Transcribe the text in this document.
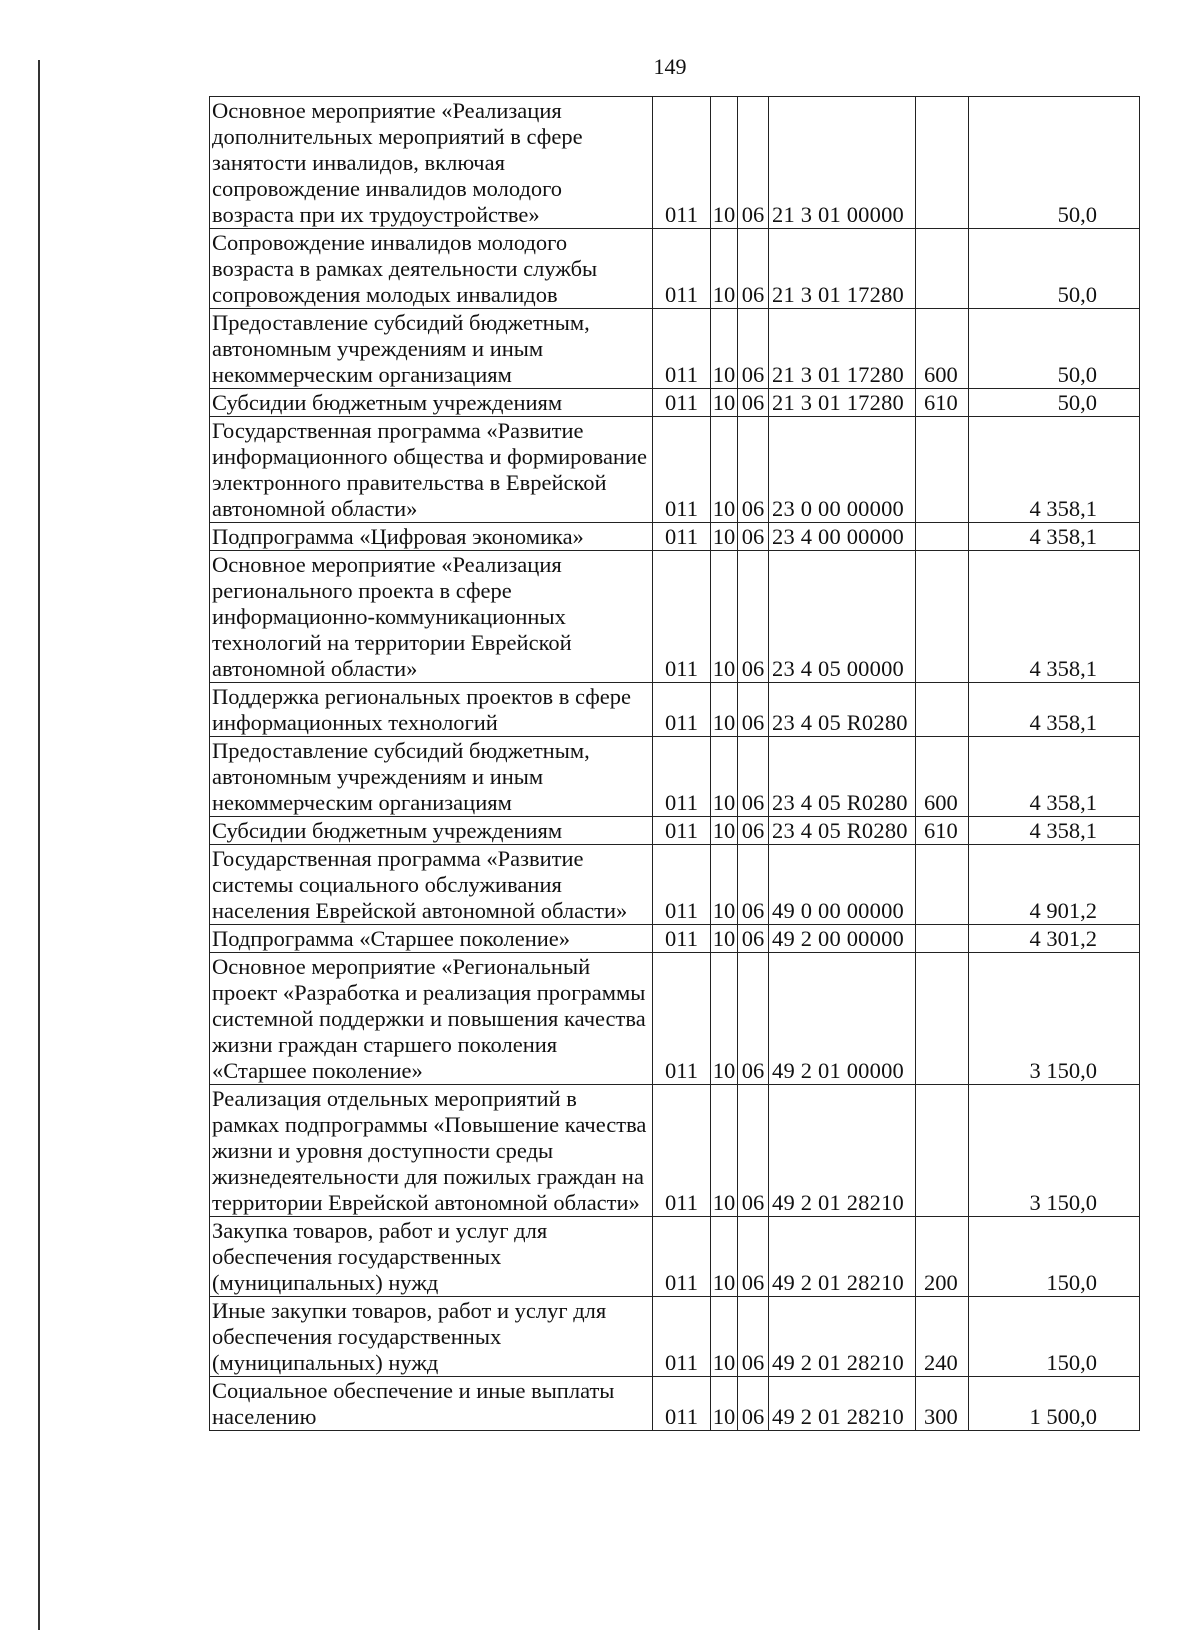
149
Основное мероприятие «Реализация дополнительных мероприятий в сфере занятости инвалидов, включая сопровождение инвалидов молодого возраста при их трудоустройстве»	011	10	06	21 3 01 00000		50,0
Сопровождение инвалидов молодого возраста в рамках деятельности службы сопровождения молодых инвалидов	011	10	06	21 3 01 17280		50,0
Предоставление субсидий бюджетным, автономным учреждениям и иным некоммерческим организациям	011	10	06	21 3 01 17280	600	50,0
Субсидии бюджетным учреждениям	011	10	06	21 3 01 17280	610	50,0
Государственная программа «Развитие информационного общества и формирование электронного правительства в Еврейской автономной области»	011	10	06	23 0 00 00000		4 358,1
Подпрограмма «Цифровая экономика»	011	10	06	23 4 00 00000		4 358,1
Основное мероприятие «Реализация регионального проекта в сфере информационно-коммуникационных технологий на территории Еврейской автономной области»	011	10	06	23 4 05 00000		4 358,1
Поддержка региональных проектов в сфере информационных технологий	011	10	06	23 4 05 R0280		4 358,1
Предоставление субсидий бюджетным, автономным учреждениям и иным некоммерческим организациям	011	10	06	23 4 05 R0280	600	4 358,1
Субсидии бюджетным учреждениям	011	10	06	23 4 05 R0280	610	4 358,1
Государственная программа «Развитие системы социального обслуживания населения Еврейской автономной области»	011	10	06	49 0 00 00000		4 901,2
Подпрограмма «Старшее поколение»	011	10	06	49 2 00 00000		4 301,2
Основное мероприятие «Региональный проект «Разработка и реализация программы системной поддержки и повышения качества жизни граждан старшего поколения «Старшее поколение»	011	10	06	49 2 01 00000		3 150,0
Реализация отдельных мероприятий в рамках подпрограммы «Повышение качества жизни и уровня доступности среды жизнедеятельности для пожилых граждан на территории Еврейской автономной области»	011	10	06	49 2 01 28210		3 150,0
Закупка товаров, работ и услуг для обеспечения государственных (муниципальных) нужд	011	10	06	49 2 01 28210	200	150,0
Иные закупки товаров, работ и услуг для обеспечения государственных (муниципальных) нужд	011	10	06	49 2 01 28210	240	150,0
Социальное обеспечение и иные выплаты населению	011	10	06	49 2 01 28210	300	1 500,0
